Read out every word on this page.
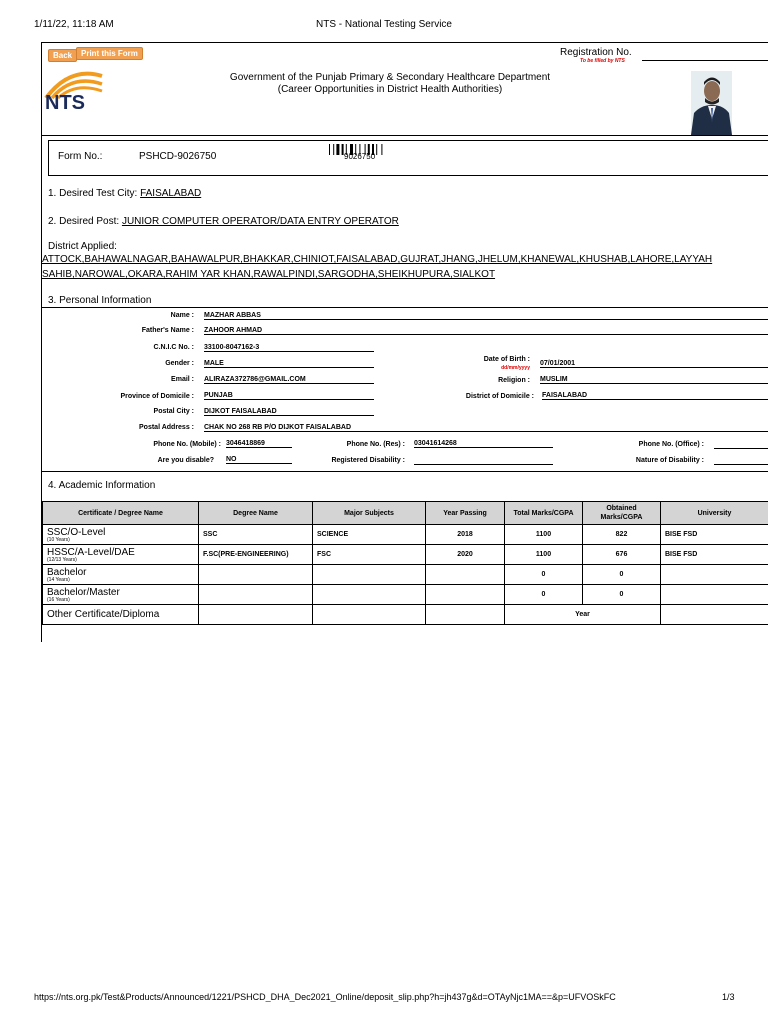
1/11/22, 11:18 AM	NTS - National Testing Service
Back	Print this Form	Registration No.
To be filled by NTS
NTS
Government of the Punjab Primary & Secondary Healthcare Department
(Career Opportunities in District Health Authorities)
Form No.:	PSHCD-9026750	9026750
1. Desired Test City: FAISALABAD
2. Desired Post: JUNIOR COMPUTER OPERATOR/DATA ENTRY OPERATOR
District Applied:
ATTOCK,BAHAWALNAGAR,BAHAWALPUR,BHAKKAR,CHINIOT,FAISALABAD,GUJRAT,JHANG,JHELUM,KHANEWAL,KHUSHAB,LAHORE,LAYYAH
SAHIB,NAROWAL,OKARA,RAHIM YAR KHAN,RAWALPINDI,SARGODHA,SHEIKHUPURA,SIALKOT
3. Personal Information
Name : MAZHAR ABBAS
Father's Name : ZAHOOR AHMAD
C.N.I.C No. : 33100-8047162-3
Gender : MALE
Date of Birth :
dd/mm/yyyy
07/01/2001
Email : ALIRAZA372786@GMAIL.COM	Religion : MUSLIM
Province of Domicile : PUNJAB	District of Domicile : FAISALABAD
Postal City : DIJKOT FAISALABAD
Postal Address : CHAK NO 268 RB P/O DIJKOT FAISALABAD
Phone No. (Mobile) : 3046418869	Phone No. (Res) : 03041614268	Phone No. (Office) :
Are you disable? NO	Registered Disability :	Nature of Disability :
4. Academic Information
Certificate / Degree Name	Degree Name	Major Subjects	Year Passing	Total Marks/CGPA	Obtained Marks/CGPA	University
SSC/O-Level
(10 Years)	SSC	SCIENCE	2018	1100	822	BISE FSD
HSSC/A-Level/DAE
(12/13 Years)	F.SC(PRE-ENGINEERING)	FSC	2020	1100	676	BISE FSD
Bachelor
(14 Years)				0	0	
Bachelor/Master
(16 Years)				0	0	
Other Certificate/Diploma				Year		
https://nts.org.pk/Test&Products/Announced/1221/PSHCD_DHA_Dec2021_Online/deposit_slip.php?h=jh437g&d=OTAyNjc1MA==&p=UFVOSkFC	1/3
